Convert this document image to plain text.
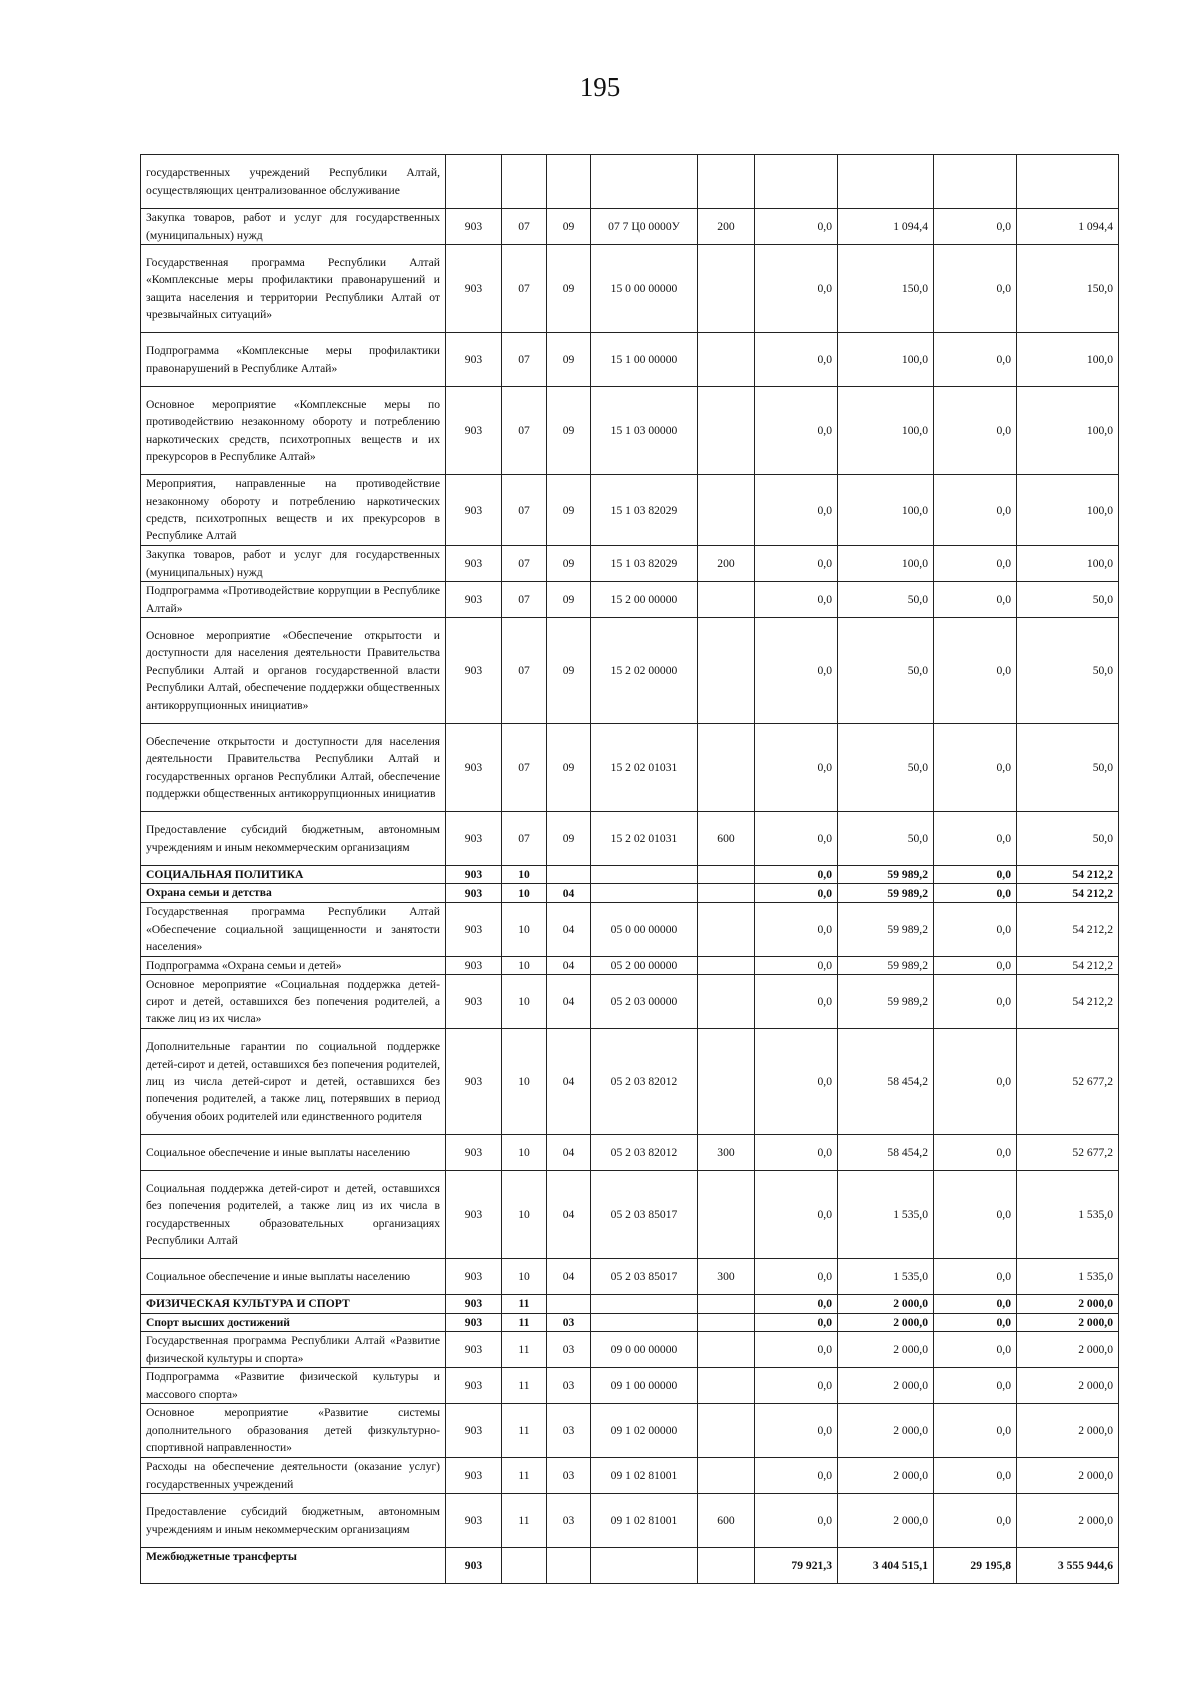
195
государственных учреждений Республики Алтай, осуществляющих централизованное обслуживание									
Закупка товаров, работ и услуг для государственных (муниципальных) нужд	903	07	09	07 7 Ц0 0000У	200	0,0	1 094,4	0,0	1 094,4
Государственная программа Республики Алтай «Комплексные меры профилактики правонарушений и защита населения и территории Республики Алтай от чрезвычайных ситуаций»	903	07	09	15 0 00 00000		0,0	150,0	0,0	150,0
Подпрограмма «Комплексные меры профилактики правонарушений в Республике Алтай»	903	07	09	15 1 00 00000		0,0	100,0	0,0	100,0
Основное мероприятие «Комплексные меры по противодействию незаконному обороту и потреблению наркотических средств, психотропных веществ и их прекурсоров в Республике Алтай»	903	07	09	15 1 03 00000		0,0	100,0	0,0	100,0
Мероприятия, направленные на противодействие незаконному обороту и потреблению наркотических средств, психотропных веществ и их прекурсоров в Республике Алтай	903	07	09	15 1 03 82029		0,0	100,0	0,0	100,0
Закупка товаров, работ и услуг для государственных (муниципальных) нужд	903	07	09	15 1 03 82029	200	0,0	100,0	0,0	100,0
Подпрограмма «Противодействие коррупции в Республике Алтай»	903	07	09	15 2 00 00000		0,0	50,0	0,0	50,0
Основное мероприятие «Обеспечение открытости и доступности для населения деятельности Правительства Республики Алтай и органов государственной власти Республики Алтай, обеспечение поддержки общественных антикоррупционных инициатив»	903	07	09	15 2 02 00000		0,0	50,0	0,0	50,0
Обеспечение открытости и доступности для населения деятельности Правительства Республики Алтай и государственных органов Республики Алтай, обеспечение поддержки общественных антикоррупционных инициатив	903	07	09	15 2 02 01031		0,0	50,0	0,0	50,0
Предоставление субсидий бюджетным, автономным учреждениям и иным некоммерческим организациям	903	07	09	15 2 02 01031	600	0,0	50,0	0,0	50,0
СОЦИАЛЬНАЯ ПОЛИТИКА	903	10				0,0	59 989,2	0,0	54 212,2
Охрана семьи и детства	903	10	04			0,0	59 989,2	0,0	54 212,2
Государственная программа Республики Алтай «Обеспечение социальной защищенности и занятости населения»	903	10	04	05 0 00 00000		0,0	59 989,2	0,0	54 212,2
Подпрограмма «Охрана семьи и детей»	903	10	04	05 2 00 00000		0,0	59 989,2	0,0	54 212,2
Основное мероприятие «Социальная поддержка детей-сирот и детей, оставшихся без попечения родителей, а также лиц из их числа»	903	10	04	05 2 03 00000		0,0	59 989,2	0,0	54 212,2
Дополнительные гарантии по социальной поддержке детей-сирот и детей, оставшихся без попечения родителей, лиц из числа детей-сирот и детей, оставшихся без попечения родителей, а также лиц, потерявших в период обучения обоих родителей или единственного родителя	903	10	04	05 2 03 82012		0,0	58 454,2	0,0	52 677,2
Социальное обеспечение и иные выплаты населению	903	10	04	05 2 03 82012	300	0,0	58 454,2	0,0	52 677,2
Социальная поддержка детей-сирот и детей, оставшихся без попечения родителей, а также лиц из их числа в государственных образовательных организациях Республики Алтай	903	10	04	05 2 03 85017		0,0	1 535,0	0,0	1 535,0
Социальное обеспечение и иные выплаты населению	903	10	04	05 2 03 85017	300	0,0	1 535,0	0,0	1 535,0
ФИЗИЧЕСКАЯ КУЛЬТУРА И СПОРТ	903	11				0,0	2 000,0	0,0	2 000,0
Спорт высших достижений	903	11	03			0,0	2 000,0	0,0	2 000,0
Государственная программа Республики Алтай «Развитие физической культуры и спорта»	903	11	03	09 0 00 00000		0,0	2 000,0	0,0	2 000,0
Подпрограмма «Развитие физической культуры и массового спорта»	903	11	03	09 1 00 00000		0,0	2 000,0	0,0	2 000,0
Основное мероприятие «Развитие системы дополнительного образования детей физкультурно-спортивной направленности»	903	11	03	09 1 02 00000		0,0	2 000,0	0,0	2 000,0
Расходы на обеспечение деятельности (оказание услуг) государственных учреждений	903	11	03	09 1 02 81001		0,0	2 000,0	0,0	2 000,0
Предоставление субсидий бюджетным, автономным учреждениям и иным некоммерческим организациям	903	11	03	09 1 02 81001	600	0,0	2 000,0	0,0	2 000,0
Межбюджетные трансферты	903					79 921,3	3 404 515,1	29 195,8	3 555 944,6
